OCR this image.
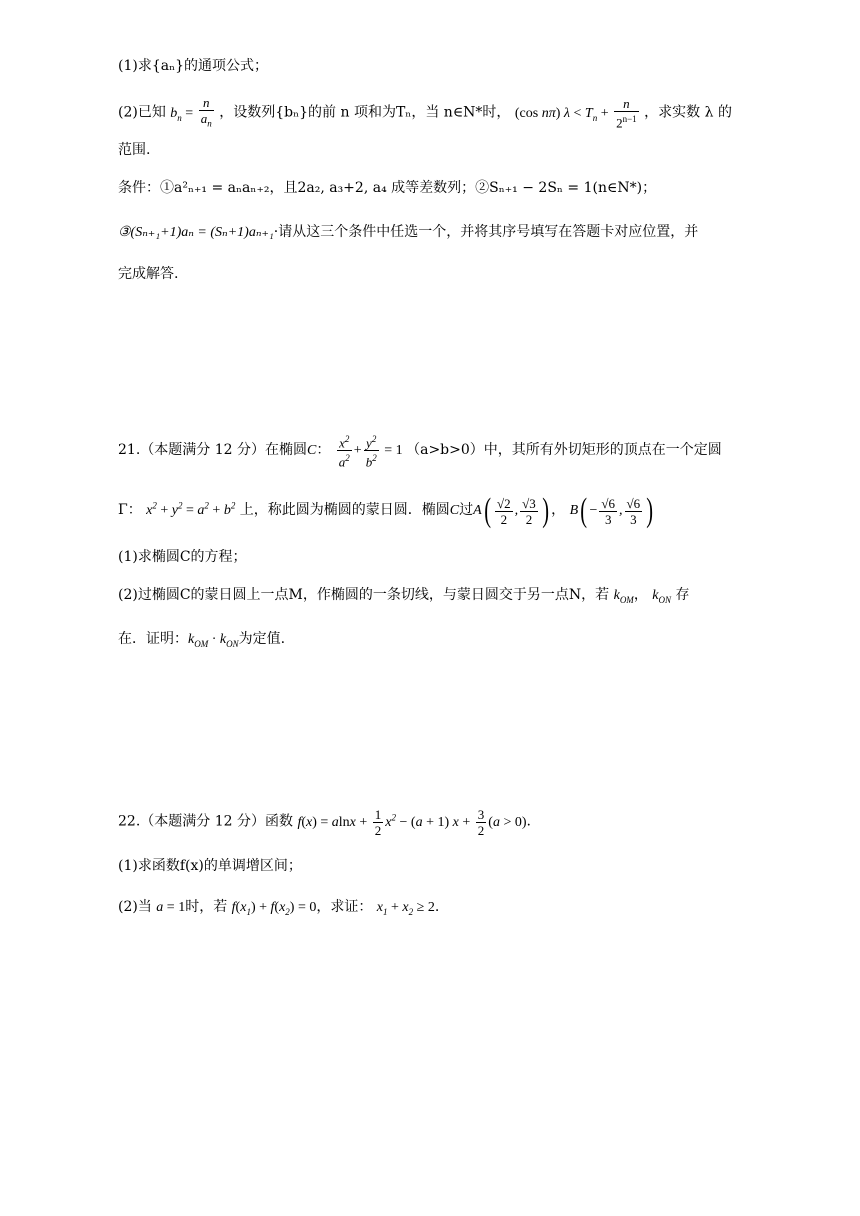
(1)求{aₙ}的通项公式；
(2)已知 $b_n = \frac{n}{a_n}$ ，设数列{bₙ}的前 n 项和为Tₙ，当 n∈N*时， (cos nπ) $\lambda < T_n + \frac{n}{2^{n-1}}$ ，求实数 λ 的
范围.
条件：①a²ₙ₊₁ = aₙaₙ₊₂，且2a₂, a₃+2, a₄ 成等差数列；②Sₙ₊₁ − 2Sₙ = 1(n∈N*)；
③(Sₙ₊₁+1)aₙ = (Sₙ+1)aₙ₊₁·请从这三个条件中任选一个，并将其序号填写在答题卡对应位置，并
完成解答.
21.（本题满分 12 分）在椭圆C： $\frac{x^2}{a^2} + \frac{y^2}{b^2} = 1$ （a>b>0）中，其所有外切矩形的顶点在一个定圆
Γ： $x^2 + y^2 = a^2 + b^2$ 上，称此圆为椭圆的蒙日圆．椭圆C过$A( \frac{√2}{2}$ , $\frac{√3}{2}$ ) ， $B( - \frac{√6}{3}$ , $\frac{√6}{3}$ )
(1)求椭圆C的方程；
(2)过椭圆C的蒙日圆上一点M，作椭圆的一条切线，与蒙日圆交于另一点N，若 $k_{OM}$， $k_{ON}$ 存
在．证明：$k_{OM} \cdot k_{ON}$为定值.
22.（本题满分 12 分）函数 $f(x) = alnx + \frac{1}{2} x^2 - (a + 1) x + \frac{3}{2} (a > 0)$.
(1)求函数f(x)的单调增区间；
(2)当 a = 1时，若 $f(x_1) + f(x_2) = 0$，求证： $x_1 + x_2 \ge 2$.
